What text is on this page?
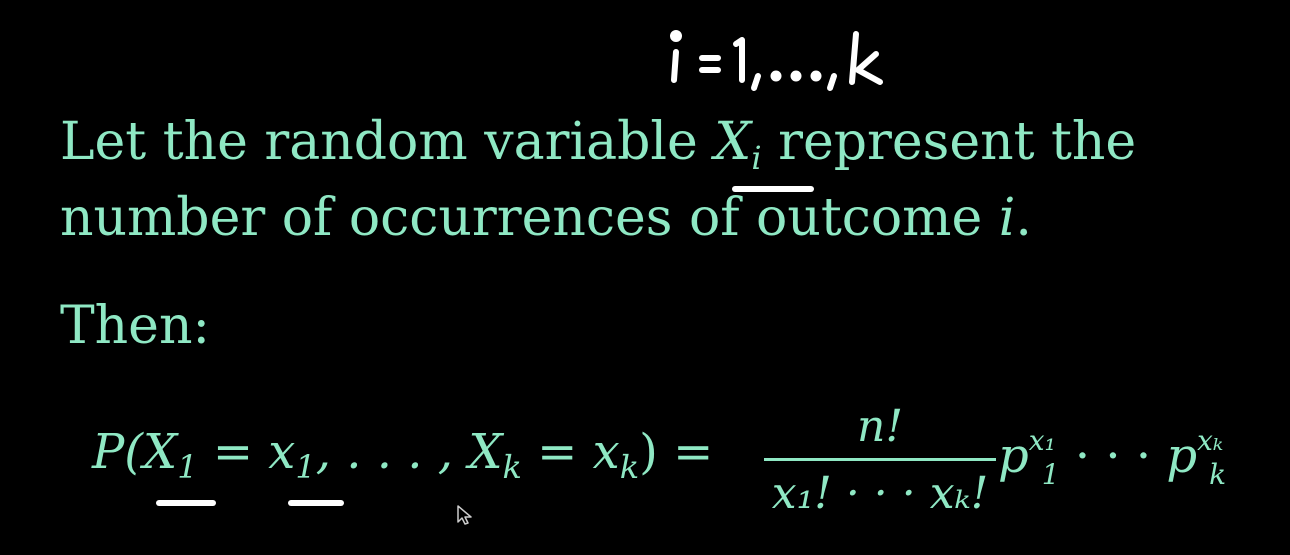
Let the random variable $X_i$ represent the
number of occurrences of outcome i.
Then:
$P(X_1 = x_1$, . . . , $X_k = x_k$) =	n!
x₁! · · · xₖ!
$p^{x_1}_1$ · · · $p^{x_k}_k$
